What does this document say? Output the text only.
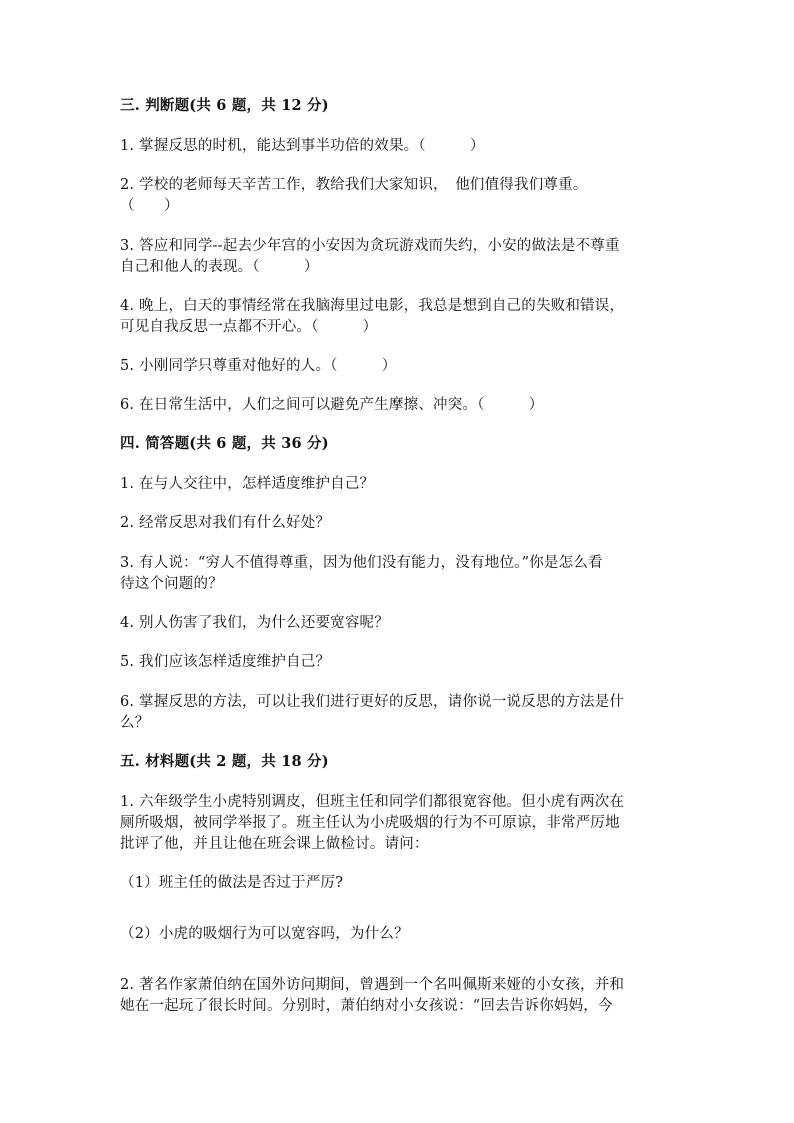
三. 判断题(共 6 题，共 12 分)
1. 掌握反思的时机，能达到事半功倍的效果。（　　　）
2. 学校的老师每天辛苦工作，教给我们大家知识，　他们值得我们尊重。
（　　）
3. 答应和同学--起去少年宫的小安因为贪玩游戏而失约，小安的做法是不尊重
自己和他人的表现。（　　　）
4. 晚上，白天的事情经常在我脑海里过电影，我总是想到自己的失败和错误，
可见自我反思一点都不开心。（　　　）
5. 小刚同学只尊重对他好的人。（　　　）
6. 在日常生活中，人们之间可以避免产生摩擦、冲突。（　　　）
四. 简答题(共 6 题，共 36 分)
1. 在与人交往中，怎样适度维护自己？
2. 经常反思对我们有什么好处？
3. 有人说：“穷人不值得尊重，因为他们没有能力，没有地位。”你是怎么看
待这个问题的？
4. 别人伤害了我们，为什么还要宽容呢？
5. 我们应该怎样适度维护自己？
6. 掌握反思的方法，可以让我们进行更好的反思，请你说一说反思的方法是什
么？
五. 材料题(共 2 题，共 18 分)
1. 六年级学生小虎特别调皮，但班主任和同学们都很宽容他。但小虎有两次在
厕所吸烟，被同学举报了。班主任认为小虎吸烟的行为不可原谅，非常严厉地
批评了他，并且让他在班会课上做检讨。请问：
（1）班主任的做法是否过于严厉?
（2）小虎的吸烟行为可以宽容吗，为什么？
2. 著名作家萧伯纳在国外访问期间，曾遇到一个名叫佩斯来娅的小女孩，并和
她在一起玩了很长时间。分别时，萧伯纳对小女孩说：“回去告诉你妈妈，今
